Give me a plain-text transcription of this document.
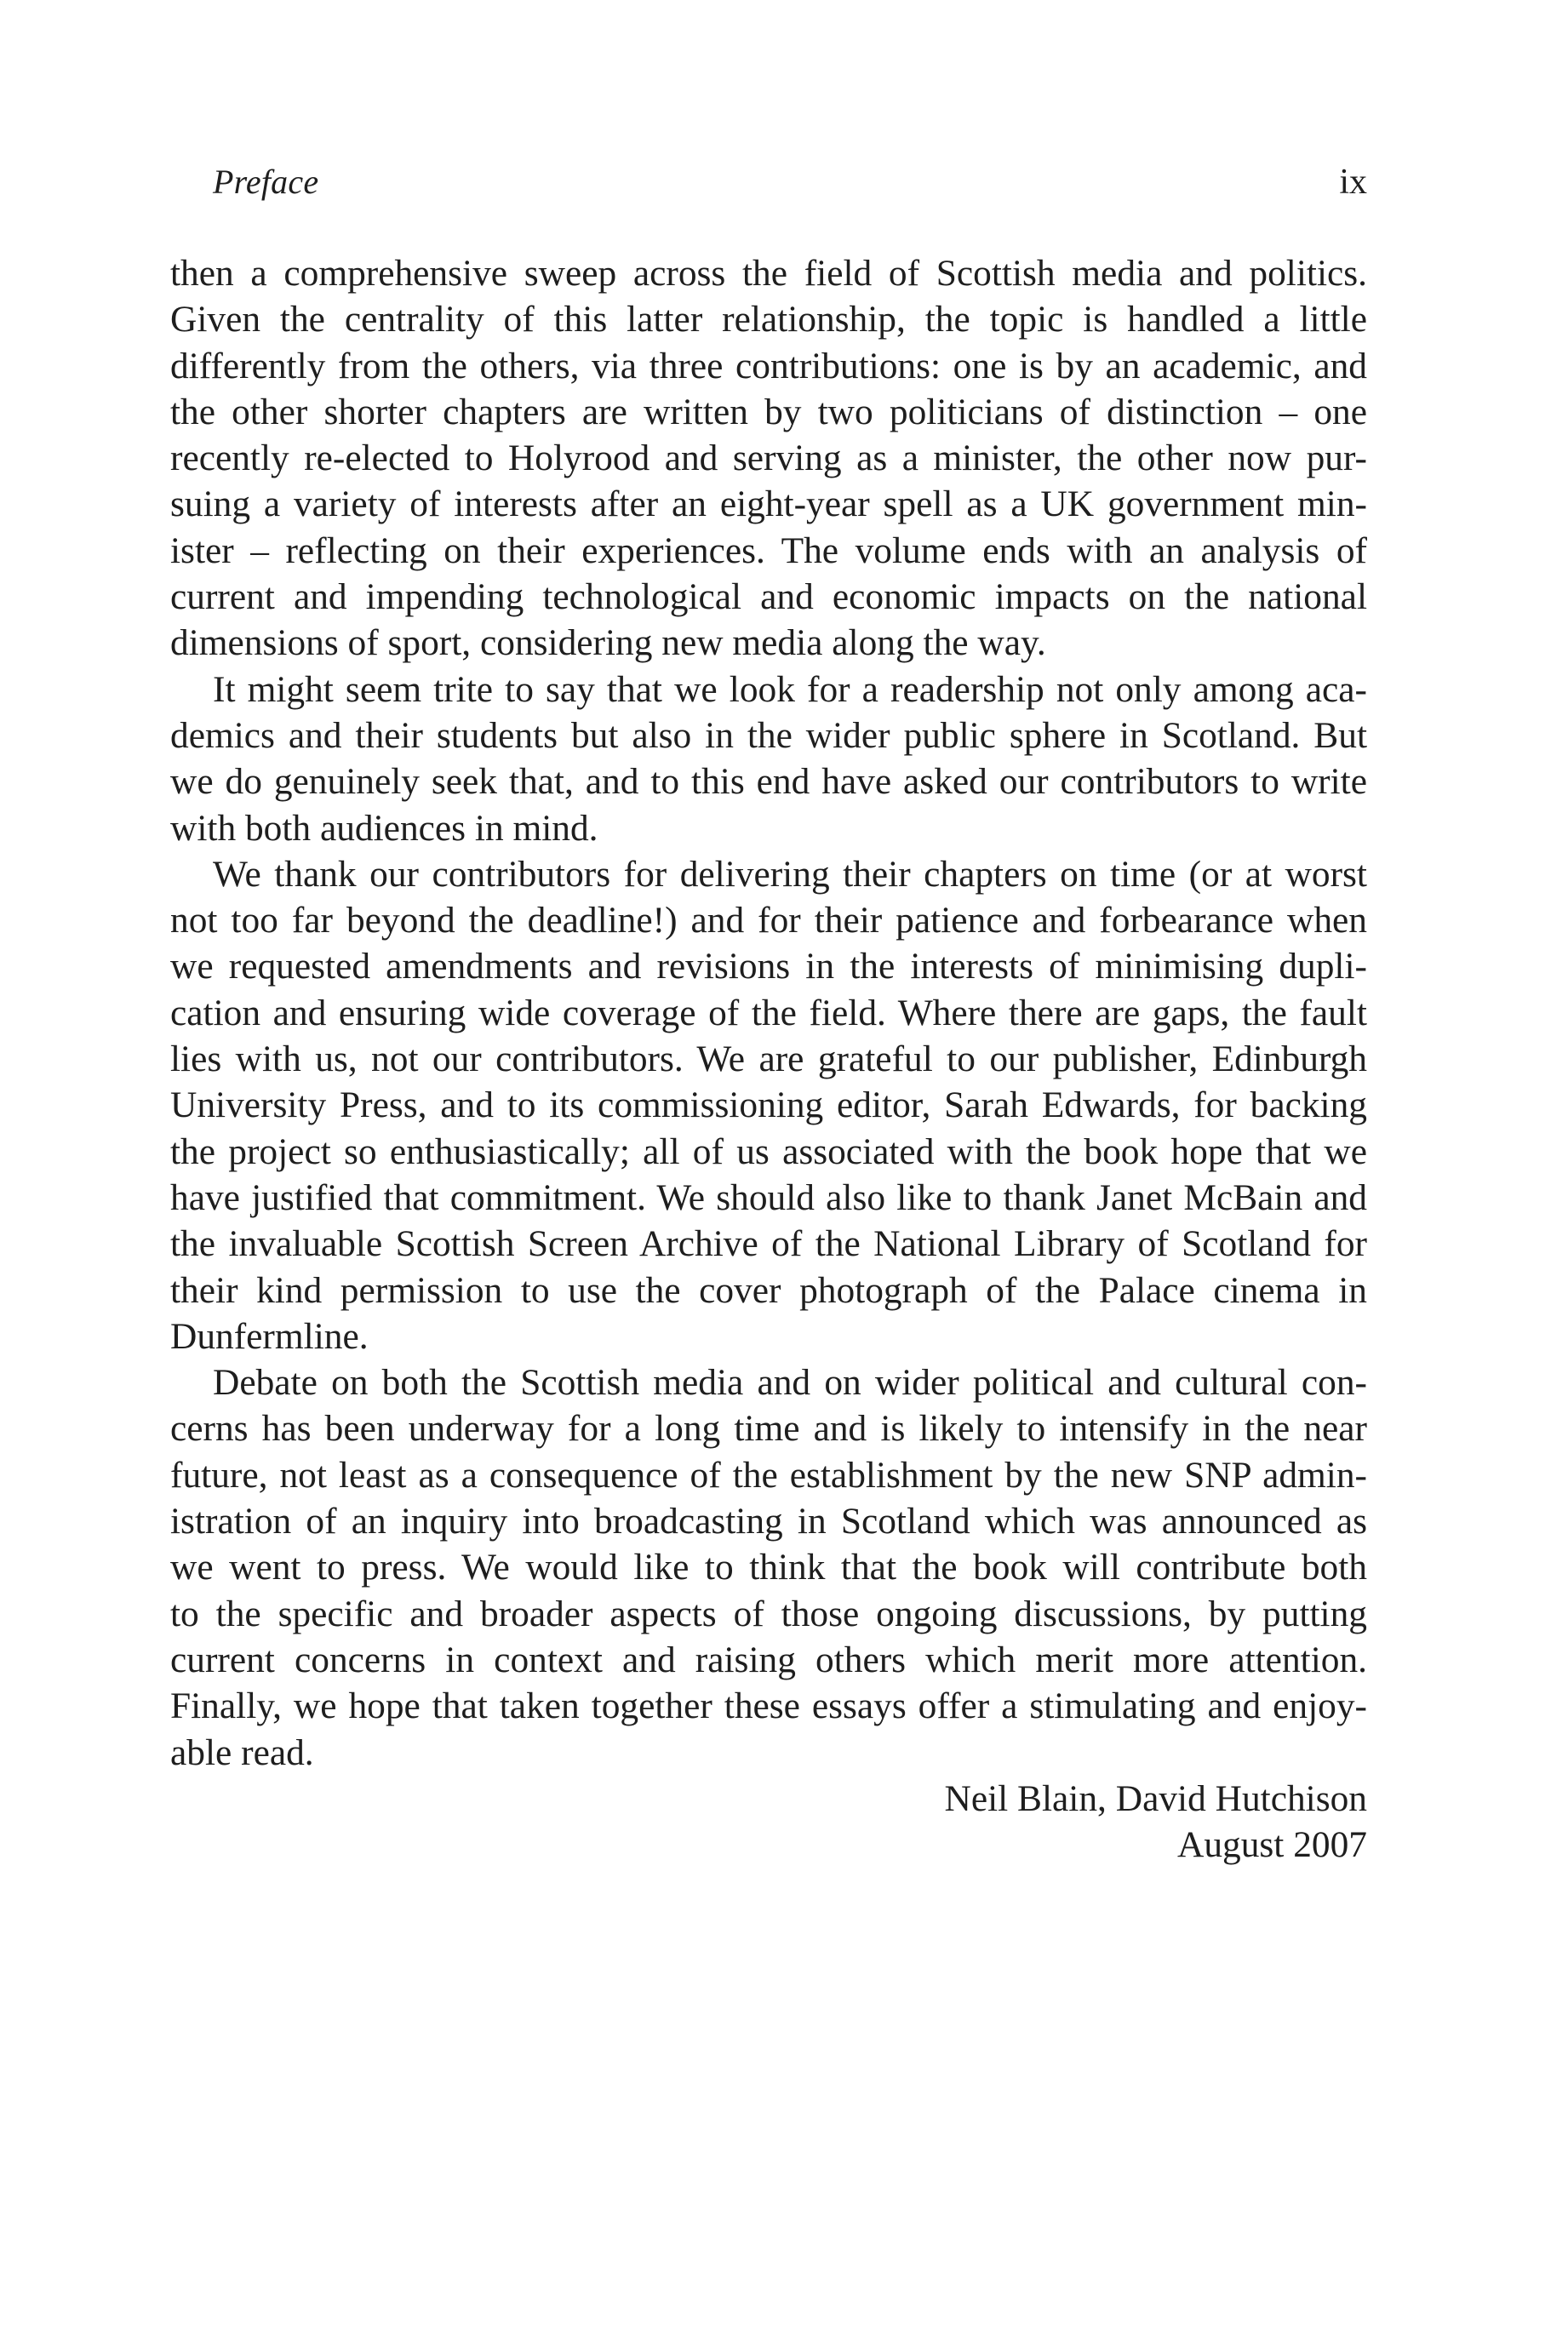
Preface	ix
then a comprehensive sweep across the field of Scottish media and politics.
Given the centrality of this latter relationship, the topic is handled a little
differently from the others, via three contributions: one is by an academic, and
the other shorter chapters are written by two politicians of distinction – one
recently re-elected to Holyrood and serving as a minister, the other now pur-
suing a variety of interests after an eight-year spell as a UK government min-
ister – reflecting on their experiences. The volume ends with an analysis of
current and impending technological and economic impacts on the national
dimensions of sport, considering new media along the way.
It might seem trite to say that we look for a readership not only among aca-
demics and their students but also in the wider public sphere in Scotland. But
we do genuinely seek that, and to this end have asked our contributors to write
with both audiences in mind.
We thank our contributors for delivering their chapters on time (or at worst
not too far beyond the deadline!) and for their patience and forbearance when
we requested amendments and revisions in the interests of minimising dupli-
cation and ensuring wide coverage of the field. Where there are gaps, the fault
lies with us, not our contributors. We are grateful to our publisher, Edinburgh
University Press, and to its commissioning editor, Sarah Edwards, for backing
the project so enthusiastically; all of us associated with the book hope that we
have justified that commitment. We should also like to thank Janet McBain and
the invaluable Scottish Screen Archive of the National Library of Scotland for
their kind permission to use the cover photograph of the Palace cinema in
Dunfermline.
Debate on both the Scottish media and on wider political and cultural con-
cerns has been underway for a long time and is likely to intensify in the near
future, not least as a consequence of the establishment by the new SNP admin-
istration of an inquiry into broadcasting in Scotland which was announced as
we went to press. We would like to think that the book will contribute both
to the specific and broader aspects of those ongoing discussions, by putting
current concerns in context and raising others which merit more attention.
Finally, we hope that taken together these essays offer a stimulating and enjoy-
able read.
Neil Blain, David Hutchison
August 2007
